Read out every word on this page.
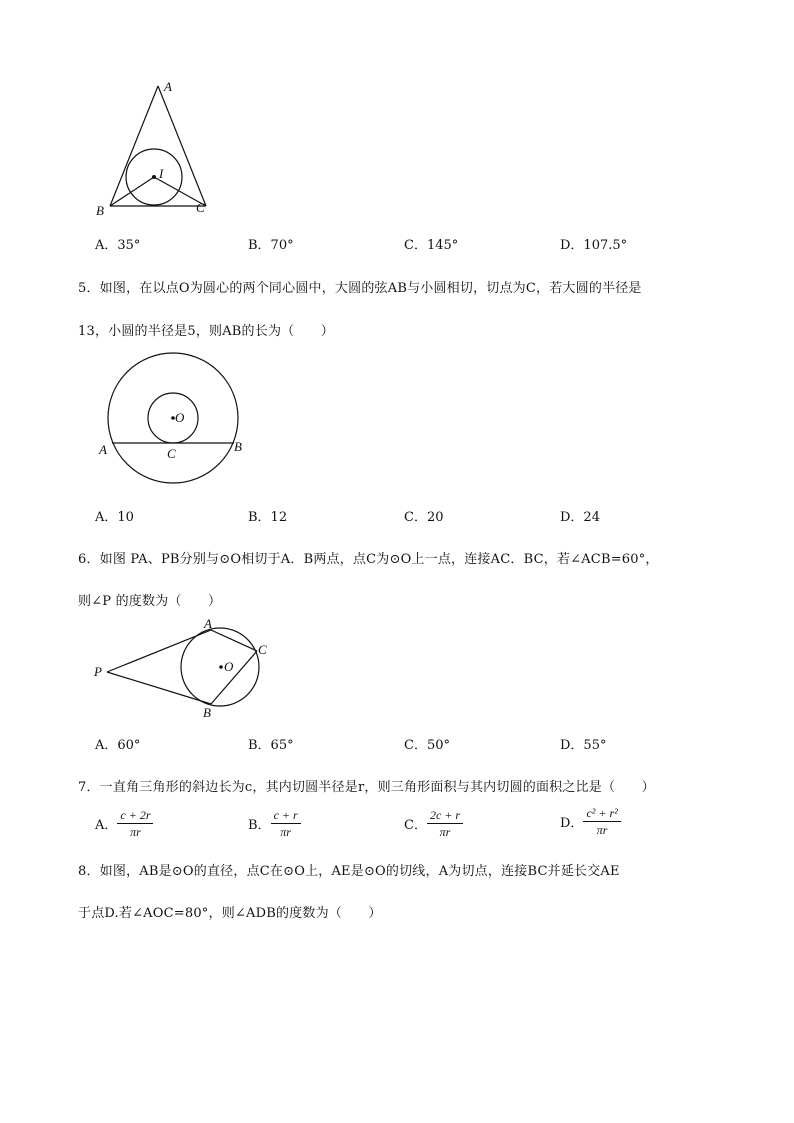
A
I
B	C
A．35°	B．70°	C．145°	D．107.5°
5．如图，在以点O为圆心的两个同心圆中，大圆的弦AB与小圆相切，切点为C，若大圆的半径是
13，小圆的半径是5，则AB的长为（　　）
O
A	B
C
A．10	B．12	C．20	D．24
6．如图 PA、PB分别与⊙O相切于A．B两点，点C为⊙O上一点，连接AC．BC，若∠ACB=60°，
则∠P 的度数为（　　）
P
A
B
C
O
A．60°	B．65°	C．50°	D．55°
7．一直角三角形的斜边长为c，其内切圆半径是r，则三角形面积与其内切圆的面积之比是（　　）
A． $\frac{c + 2r}{\pi r}$	B． $\frac{c + r}{\pi r}$	C． $\frac{2c + r}{\pi r}$	D． $\frac{\text{c² + r²}}{\pi r}$
8．如图，AB是⊙O的直径，点C在⊙O上，AE是⊙O的切线，A为切点，连接BC并延长交AE
于点D.若∠AOC=80°，则∠ADB的度数为（　　）
